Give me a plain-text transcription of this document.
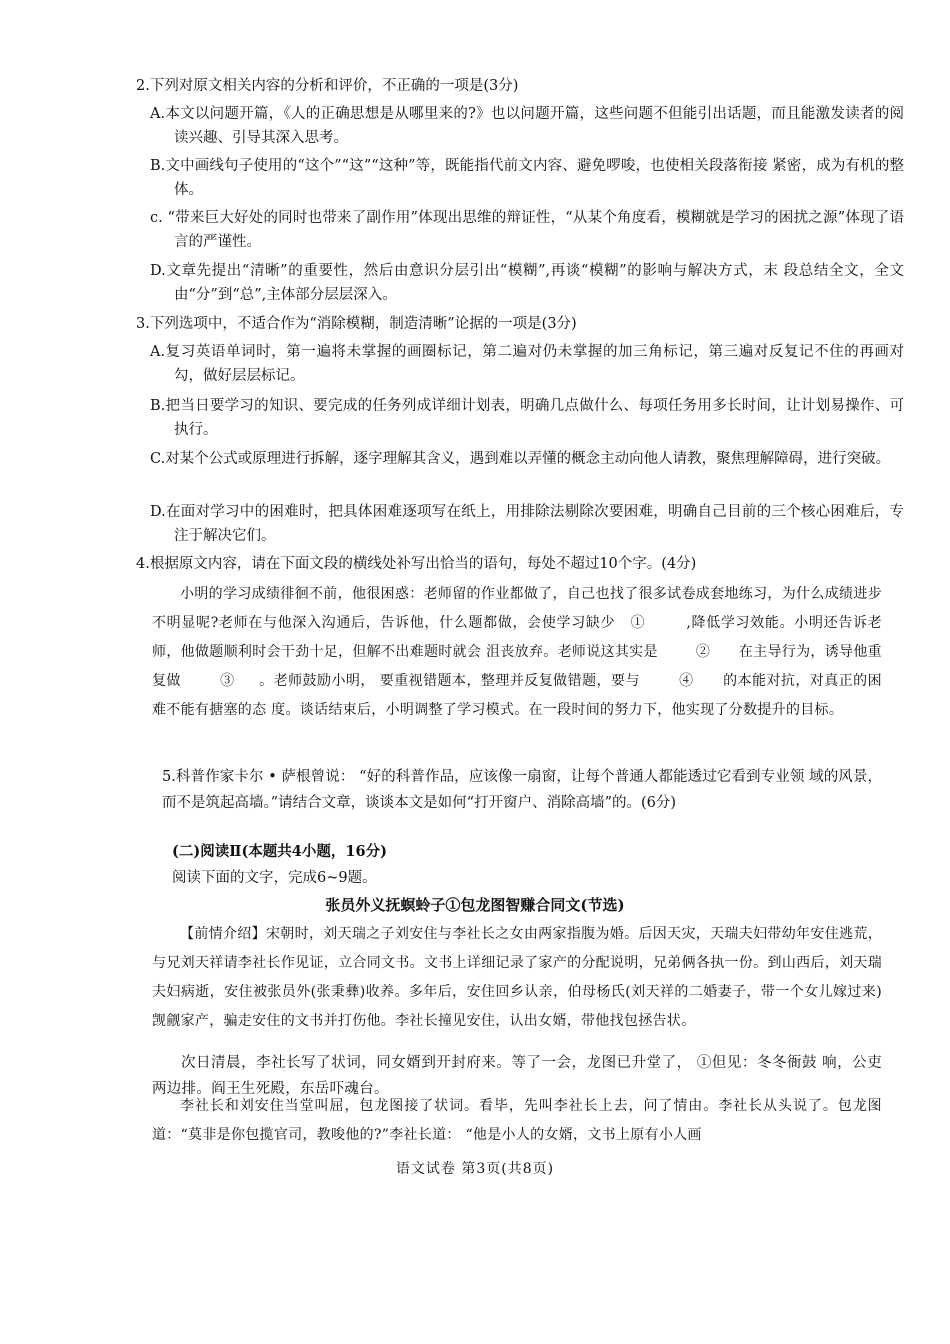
2.下列对原文相关内容的分析和评价，不正确的一项是(3分)
A.本文以问题开篇，《人的正确思想是从哪里来的?》也以问题开篇，这些问题不但能引出话题，而且能激发读者的阅读兴趣、引导其深入思考。
B.文中画线句子使用的“这个”“这”“这种”等，既能指代前文内容、避免啰唆，也使相关段落衔接 紧密，成为有机的整体。
c. “带来巨大好处的同时也带来了副作用”体现出思维的辩证性，“从某个角度看，模糊就是学习的困扰之源”体现了语言的严谨性。
D.文章先提出“清晰”的重要性，然后由意识分层引出“模糊”,再谈“模糊”的影响与解决方式，末 段总结全文，全文由“分”到“总”,主体部分层层深入。
3.下列选项中，不适合作为“消除模糊，制造清晰”论据的一项是(3分)
A.复习英语单词时，第一遍将未掌握的画圈标记，第二遍对仍未掌握的加三角标记，第三遍对反复记不住的再画对勾，做好层层标记。
B.把当日要学习的知识、要完成的任务列成详细计划表，明确几点做什么、每项任务用多长时间，让计划易操作、可执行。
C.对某个公式或原理进行拆解，逐字理解其含义，遇到难以弄懂的概念主动向他人请教，聚焦理解障碍，进行突破。
D.在面对学习中的困难时，把具体困难逐项写在纸上，用排除法剔除次要困难，明确自己目前的三个核心困难后，专注于解决它们。
4.根据原文内容，请在下面文段的横线处补写出恰当的语句，每处不超过10个字。(4分)
小明的学习成绩徘徊不前，他很困惑：老师留的作业都做了，自己也找了很多试卷成套地练习，为什么成绩进步不明显呢?老师在与他深入沟通后，告诉他，什么题都做，会使学习缺少 ①	,降低学习效能。小明还告诉老师，他做题顺利时会干劲十足，但解不出难题时就会 沮丧放弃。老师说这其实是	② 在主导行为，诱导他重复做	③ 。老师鼓励小明， 要重视错题本，整理并反复做错题，要与	④ 的本能对抗，对真正的困难不能有搪塞的态 度。谈话结束后，小明调整了学习模式。在一段时间的努力下，他实现了分数提升的目标。
5.科普作家卡尔 • 萨根曾说： “好的科普作品，应该像一扇窗，让每个普通人都能透过它看到专业领 域的风景，而不是筑起高墙。”请结合文章，谈谈本文是如何“打开窗户、消除高墙”的。(6分)
(二)阅读Ⅱ(本题共4小题，16分)
阅读下面的文字，完成6~9题。
张员外义抚螟蛉子①包龙图智赚合同文(节选)
【前情介绍】宋朝时，刘天瑞之子刘安住与李社长之女由两家指腹为婚。后因天灾，天瑞夫妇带幼年安住逃荒，与兄刘天祥请李社长作见证，立合同文书。文书上详细记录了家产的分配说明，兄弟俩各执一份。到山西后，刘天瑞夫妇病逝，安住被张员外(张秉彝)收养。多年后，安住回乡认亲，伯母杨氏(刘天祥的二婚妻子，带一个女儿嫁过来)觊觎家产，骗走安住的文书并打伤他。李社长撞见安住，认出女婿，带他找包拯告状。
次日清晨，李社长写了状词，同女婿到开封府来。等了一会，龙图已升堂了， ①但见：冬冬衙鼓 响，公吏两边排。阎王生死殿，东岳吓魂台。
李社长和刘安住当堂叫屈，包龙图接了状词。看毕，先叫李社长上去，问了情由。李社长从头说了。包龙图道：“莫非是你包揽官司，教唆他的?”李社长道： “他是小人的女婿，文书上原有小人画
语文试卷 第3页(共8页)
